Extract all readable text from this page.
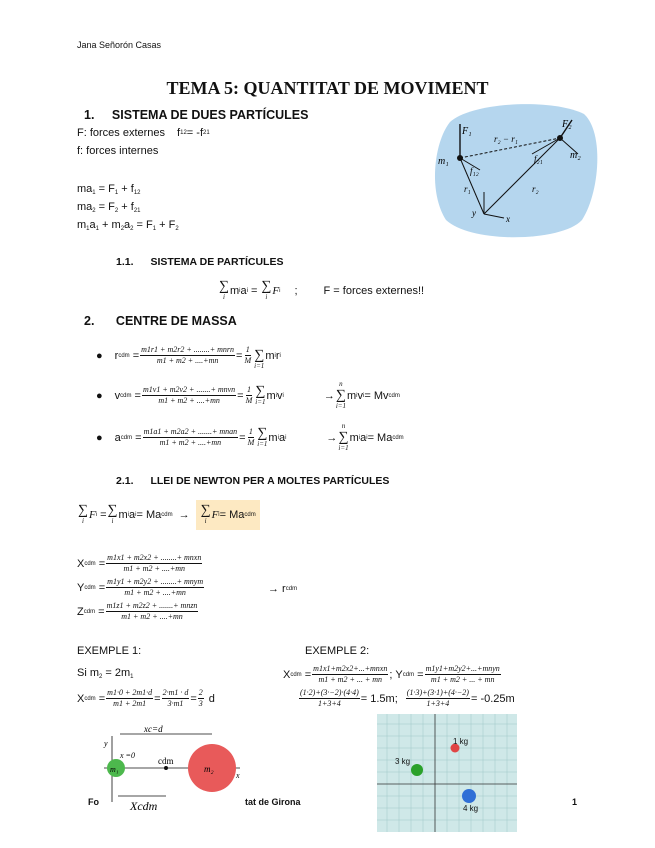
Jana Señorón Casas
TEMA 5: QUANTITAT DE MOVIMENT
1. SISTEMA DE DUES PARTÍCULES
F: forces externes f 12 = -f 21
f: forces internes
$ma_1 = F_1 + f_{12}$
$ma_2 = F_2 + f_{21}$
$m_1a_1 + m_2a_2 = F_1 + F_2$
F₁
F₂
m₁
m₂
r₂ − r₁
f₂₁
f₁₂
r₁	r₂
y
x
1.1. SISTEMA DE PARTÍCULES
∑
i m i a i = ∑
i F i ; F = forces externes!!
2. CENTRE DE MASSA
● r cdm = $\frac{\text{m1r1 + m2r2 + ........+ mnrn}}{m1 + m2 + ....+mn} = \frac{1}{M}$ ∑
i=1
m i r i
● v cdm = $\frac{\text{m1v1 + m2v2 + .......+ mnvn}}{m1 + m2 + ....+mn} = \frac{1}{M}$ ∑
i=1 m i v i	→
n
∑
i=1
m i v i = Mv cdm
● a cdm = $\frac{\text{m1a1 + m2a2 + .......+ mnan}}{m1 + m2 + ....+mn} = \frac{1}{M}$ ∑
i=1 m i a i	→
n
∑
i=1
m i a i = Ma cdm
2.1. LLEI DE NEWTON PER A MOLTES PARTÍCULES
∑
i F i = ∑
i m i a i = Ma cdm → ∑
i F i = Ma cdm
X cdm = $\frac{\text{m1x1 + m2x2 + ........+ mnxn}}{m1 + m2 + ....+mn}$
Y cdm = $\frac{\text{m1y1 + m2y2 + ........+ mnym}}{m1 + m2 + ....+mn}$	→ r cdm
Z cdm = $\frac{\text{m1z1 + m2z2 + .......+ mnzn}}{m1 + m2 + ....+mn}$
EXEMPLE 1:
Si $m_2 = 2m_1$
X cdm = $\frac{m1\cdot 0 + 2m1\cdot d}{m1 + 2m1} = \frac{2\cdot m1 \cdot d}{3\cdot m1} = \frac{2}{3}$ d
xc=d
x =0
y
m₁	m₂
cdm
x
Xcdm
EXEMPLE 2:
X cdm = $\frac{\text{m1x1+m2x2+...+mnxn}}{m1 + m2 + ... + mn}$ ; Y cdm = $\frac{\text{m1y1+m2y2+...+mnyn}}{m1 + m2 + ... + mn}$
$\frac{(1\cdot 2)+(3\cdot-2)\cdot(4\cdot 4)}{1+3+4} = 1.5m$; $\frac{(1\cdot 3)+(3\cdot 1)+(4\cdot-2)}{1+3+4} = -0.25m$
1 kg
3 kg
4 kg
Fo	tat de Girona	1
